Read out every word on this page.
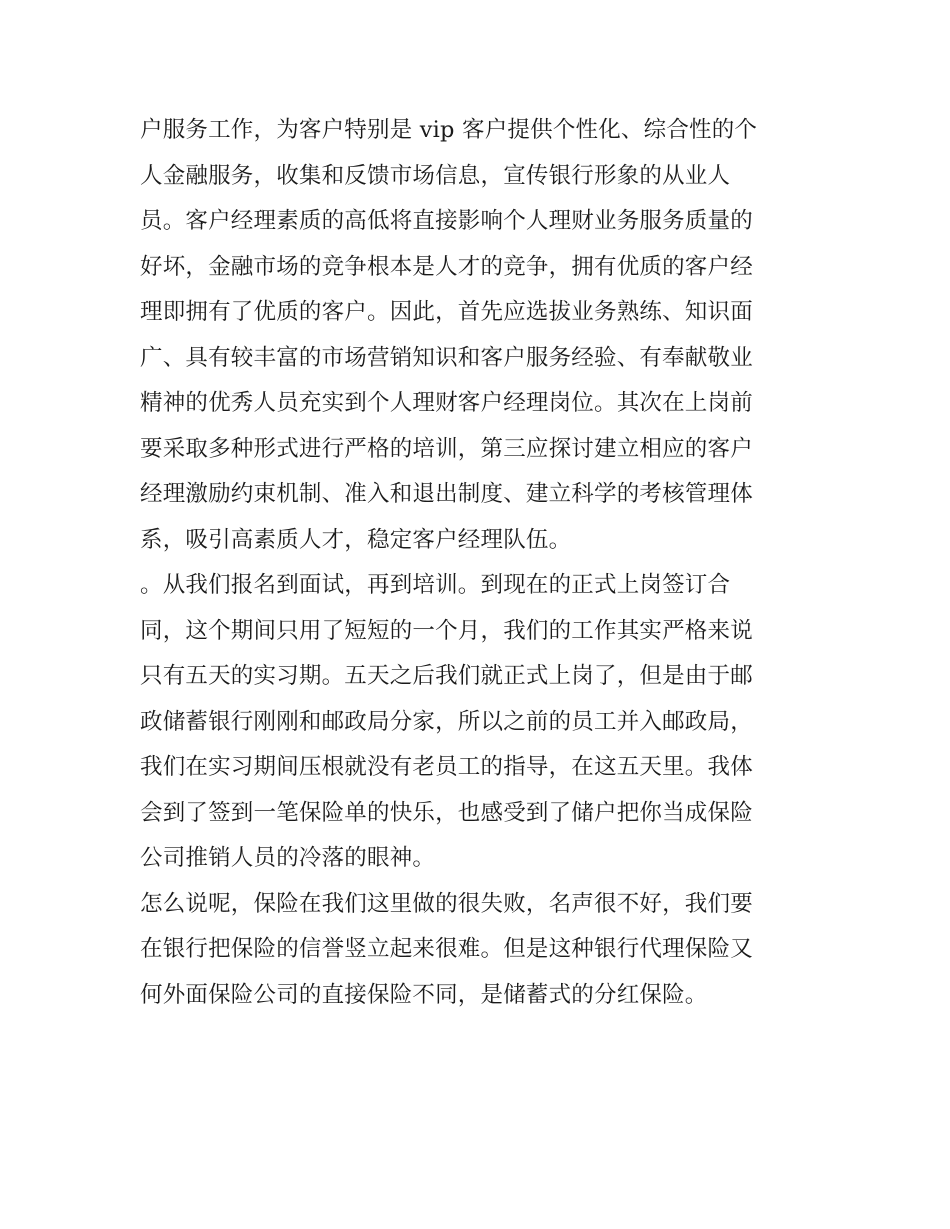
户服务工作，为客户特别是 vip 客户提供个性化、综合性的个
人金融服务，收集和反馈市场信息，宣传银行形象的从业人
员。客户经理素质的高低将直接影响个人理财业务服务质量的
好坏，金融市场的竞争根本是人才的竞争，拥有优质的客户经
理即拥有了优质的客户。因此，首先应选拔业务熟练、知识面
广、具有较丰富的市场营销知识和客户服务经验、有奉献敬业
精神的优秀人员充实到个人理财客户经理岗位。其次在上岗前
要采取多种形式进行严格的培训，第三应探讨建立相应的客户
经理激励约束机制、准入和退出制度、建立科学的考核管理体
系，吸引高素质人才，稳定客户经理队伍。
。从我们报名到面试，再到培训。到现在的正式上岗签订合
同，这个期间只用了短短的一个月，我们的工作其实严格来说
只有五天的实习期。五天之后我们就正式上岗了，但是由于邮
政储蓄银行刚刚和邮政局分家，所以之前的员工并入邮政局，
我们在实习期间压根就没有老员工的指导，在这五天里。我体
会到了签到一笔保险单的快乐，也感受到了储户把你当成保险
公司推销人员的冷落的眼神。
怎么说呢，保险在我们这里做的很失败，名声很不好，我们要
在银行把保险的信誉竖立起来很难。但是这种银行代理保险又
何外面保险公司的直接保险不同，是储蓄式的分红保险。
